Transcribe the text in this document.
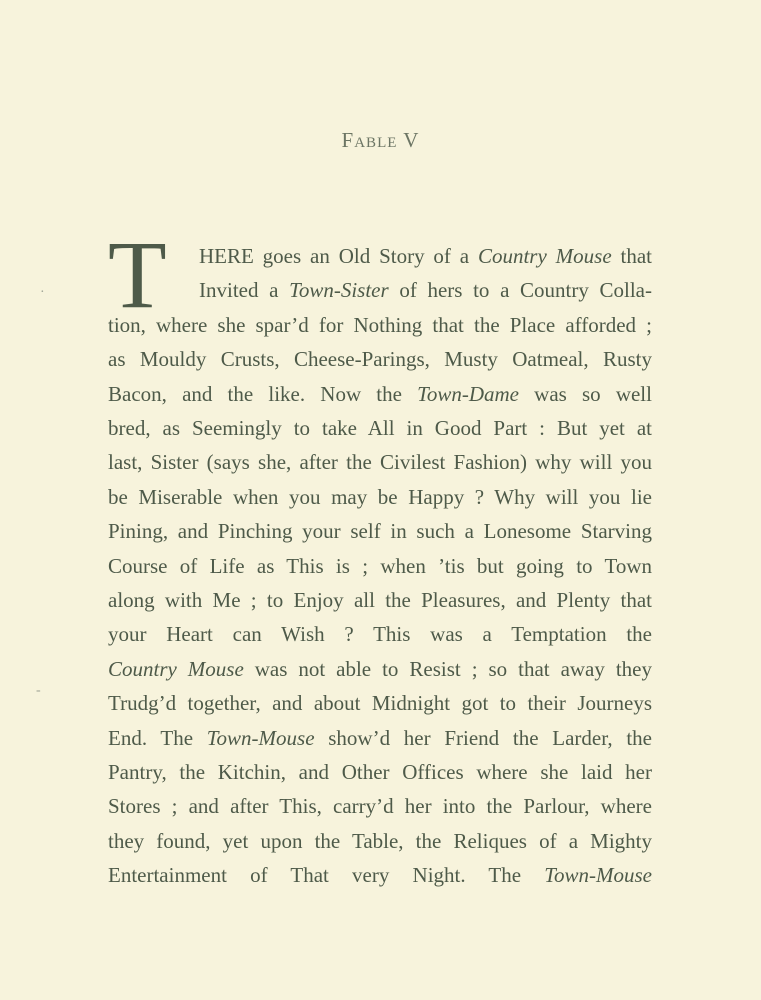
Fable V
T HERE goes an Old Story of a Country Mouse that
Invited a Town-Sister of hers to a Country Colla-
tion, where she spar’d for Nothing that the Place afforded ;
as Mouldy Crusts, Cheese-Parings, Musty Oatmeal, Rusty
Bacon, and the like. Now the Town-Dame was so well
bred, as Seemingly to take All in Good Part : But yet at
last, Sister (says she, after the Civilest Fashion) why will you
be Miserable when you may be Happy ? Why will you lie
Pining, and Pinching your self in such a Lonesome Starving
Course of Life as This is ; when ’tis but going to Town
along with Me ; to Enjoy all the Pleasures, and Plenty that
your Heart can Wish ? This was a Temptation the
Country Mouse was not able to Resist ; so that away they
Trudg’d together, and about Midnight got to their Journeys
End. The Town-Mouse show’d her Friend the Larder, the
Pantry, the Kitchin, and Other Offices where she laid her
Stores ; and after This, carry’d her into the Parlour, where
they found, yet upon the Table, the Reliques of a Mighty
Entertainment of That very Night. The Town-Mouse
·
-
